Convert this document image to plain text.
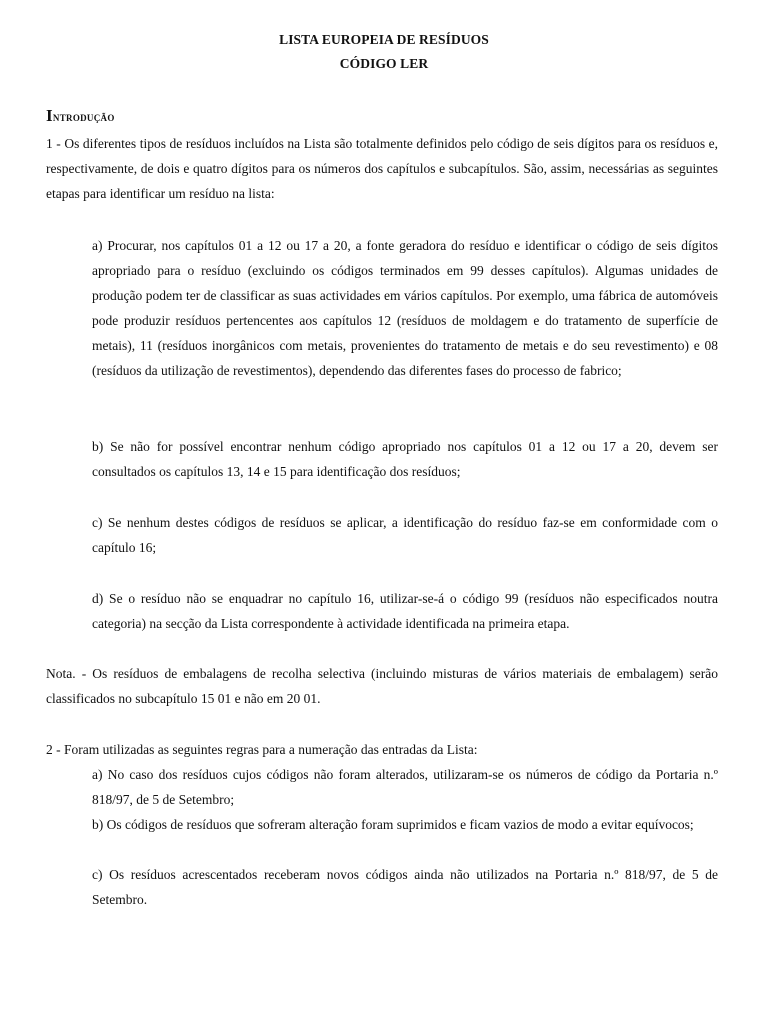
LISTA EUROPEIA DE RESÍDUOS
CÓDIGO LER
Introdução

1 - Os diferentes tipos de resíduos incluídos na Lista são totalmente definidos pelo código de seis dígitos para os resíduos e, respectivamente, de dois e quatro dígitos para os números dos capítulos e subcapítulos. São, assim, necessárias as seguintes etapas para identificar um resíduo na lista:

a) Procurar, nos capítulos 01 a 12 ou 17 a 20, a fonte geradora do resíduo e identificar o código de seis dígitos apropriado para o resíduo (excluindo os códigos terminados em 99 desses capítulos). Algumas unidades de produção podem ter de classificar as suas actividades em vários capítulos. Por exemplo, uma fábrica de automóveis pode produzir resíduos pertencentes aos capítulos 12 (resíduos de moldagem e do tratamento de superfície de metais), 11 (resíduos inorgânicos com metais, provenientes do tratamento de metais e do seu revestimento) e 08 (resíduos da utilização de revestimentos), dependendo das diferentes fases do processo de fabrico;

b) Se não for possível encontrar nenhum código apropriado nos capítulos 01 a 12 ou 17 a 20, devem ser consultados os capítulos 13, 14 e 15 para identificação dos resíduos;

c) Se nenhum destes códigos de resíduos se aplicar, a identificação do resíduo faz-se em conformidade com o capítulo 16;

d) Se o resíduo não se enquadrar no capítulo 16, utilizar-se-á o código 99 (resíduos não especificados noutra categoria) na secção da Lista correspondente à actividade identificada na primeira etapa.

Nota. - Os resíduos de embalagens de recolha selectiva (incluindo misturas de vários materiais de embalagem) serão classificados no subcapítulo 15 01 e não em 20 01.

2 - Foram utilizadas as seguintes regras para a numeração das entradas da Lista:

a) No caso dos resíduos cujos códigos não foram alterados, utilizaram-se os números de código da Portaria n.º 818/97, de 5 de Setembro;

b) Os códigos de resíduos que sofreram alteração foram suprimidos e ficam vazios de modo a evitar equívocos;

c) Os resíduos acrescentados receberam novos códigos ainda não utilizados na Portaria n.º 818/97, de 5 de Setembro.
